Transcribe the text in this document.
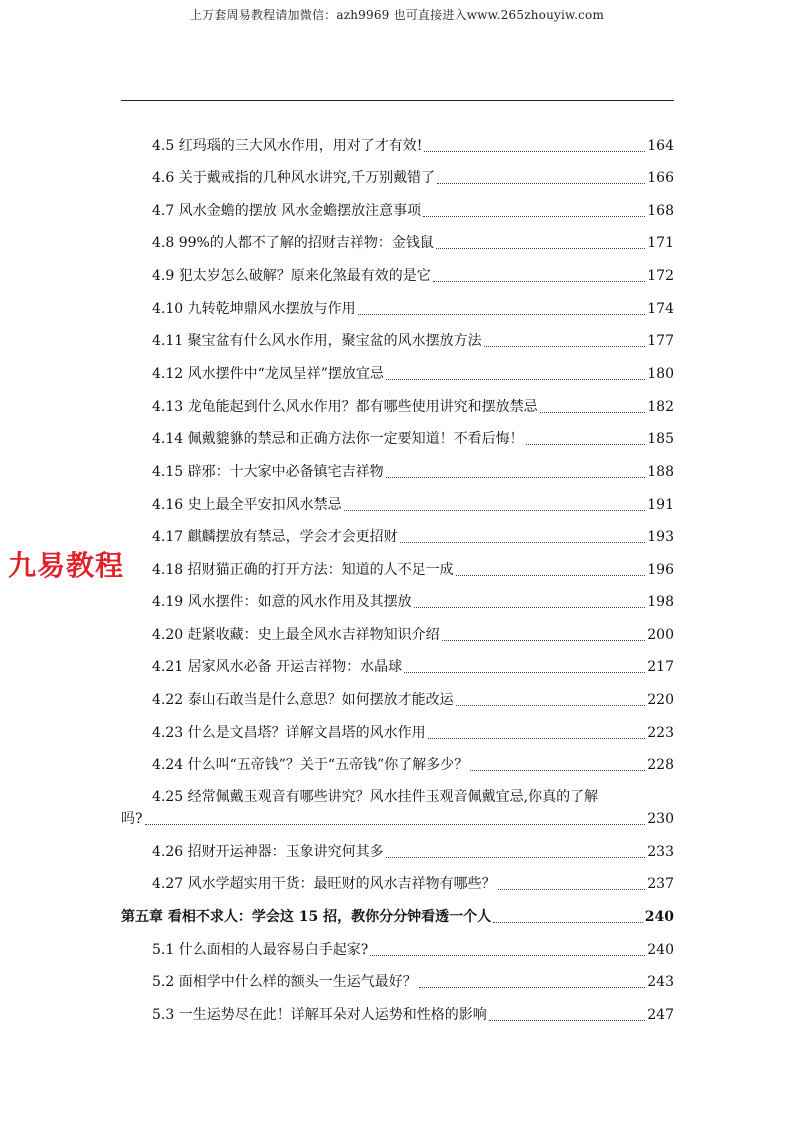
上万套周易教程请加微信：azh9969 也可直接进入www.265zhouyiw.com
4.5 红玛瑙的三大风水作用，用对了才有效!	164
4.6 关于戴戒指的几种风水讲究,千万别戴错了	166
4.7 风水金蟾的摆放 风水金蟾摆放注意事项	168
4.8 99%的人都不了解的招财吉祥物：金钱鼠	171
4.9 犯太岁怎么破解？原来化煞最有效的是它	172
4.10 九转乾坤鼎风水摆放与作用	174
4.11 聚宝盆有什么风水作用，聚宝盆的风水摆放方法	177
4.12 风水摆件中“龙凤呈祥”摆放宜忌	180
4.13 龙龟能起到什么风水作用？都有哪些使用讲究和摆放禁忌	182
4.14 佩戴貔貅的禁忌和正确方法你一定要知道！不看后悔！	185
4.15 辟邪：十大家中必备镇宅吉祥物	188
4.16 史上最全平安扣风水禁忌	191
4.17 麒麟摆放有禁忌，学会才会更招财	193
4.18 招财猫正确的打开方法：知道的人不足一成	196
4.19 风水摆件：如意的风水作用及其摆放	198
4.20 赶紧收藏：史上最全风水吉祥物知识介绍	200
4.21 居家风水必备 开运吉祥物：水晶球	217
4.22 泰山石敢当是什么意思？如何摆放才能改运	220
4.23 什么是文昌塔？详解文昌塔的风水作用	223
4.24 什么叫“五帝钱”？关于“五帝钱”你了解多少？	228
4.25 经常佩戴玉观音有哪些讲究？风水挂件玉观音佩戴宜忌,你真的了解
吗?	230
4.26 招财开运神器：玉象讲究何其多	233
4.27 风水学超实用干货：最旺财的风水吉祥物有哪些？	237
第五章 看相不求人：学会这 15 招，教你分分钟看透一个人	240
5.1 什么面相的人最容易白手起家?	240
5.2 面相学中什么样的额头一生运气最好？	243
5.3 一生运势尽在此！详解耳朵对人运势和性格的影响	247
九易教程
